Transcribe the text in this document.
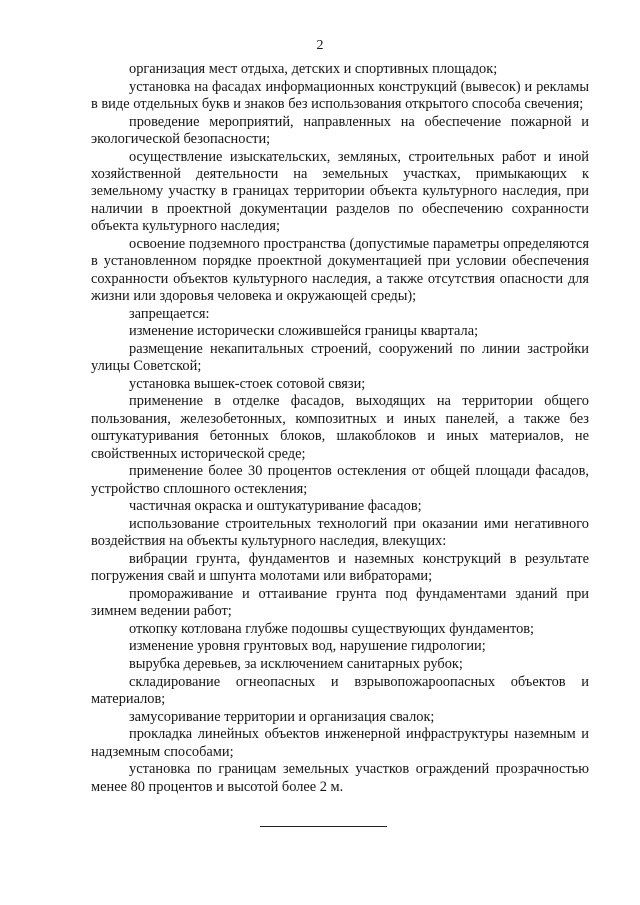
2

организация мест отдыха, детских и спортивных площадок;

установка на фасадах информационных конструкций (вывесок) и рекламы в виде отдельных букв и знаков без использования открытого способа свечения;

проведение мероприятий, направленных на обеспечение пожарной и экологической безопасности;

осуществление изыскательских, земляных, строительных работ и иной хозяйственной деятельности на земельных участках, примыкающих к земельному участку в границах территории объекта культурного наследия, при наличии в проектной документации разделов по обеспечению сохранности объекта культурного наследия;

освоение подземного пространства (допустимые параметры определяются в установленном порядке проектной документацией при условии обеспечения сохранности объектов культурного наследия, а также отсутствия опасности для жизни или здоровья человека и окружающей среды);

запрещается:

изменение исторически сложившейся границы квартала;

размещение некапитальных строений, сооружений по линии застройки улицы Советской;

установка вышек-стоек сотовой связи;

применение в отделке фасадов, выходящих на территории общего пользования, железобетонных, композитных и иных панелей, а также без оштукатуривания бетонных блоков, шлакоблоков и иных материалов, не свойственных исторической среде;

применение более 30 процентов остекления от общей площади фасадов, устройство сплошного остекления;

частичная окраска и оштукатуривание фасадов;

использование строительных технологий при оказании ими негативного воздействия на объекты культурного наследия, влекущих:

вибрации грунта, фундаментов и наземных конструкций в результате погружения свай и шпунта молотами или вибраторами;

промораживание и оттаивание грунта под фундаментами зданий при зимнем ведении работ;

откопку котлована глубже подошвы существующих фундаментов;

изменение уровня грунтовых вод, нарушение гидрологии;

вырубка деревьев, за исключением санитарных рубок;

складирование огнеопасных и взрывопожароопасных объектов и материалов;

замусоривание территории и организация свалок;

прокладка линейных объектов инженерной инфраструктуры наземным и надземным способами;

установка по границам земельных участков ограждений прозрачностью менее 80 процентов и высотой более 2 м.
